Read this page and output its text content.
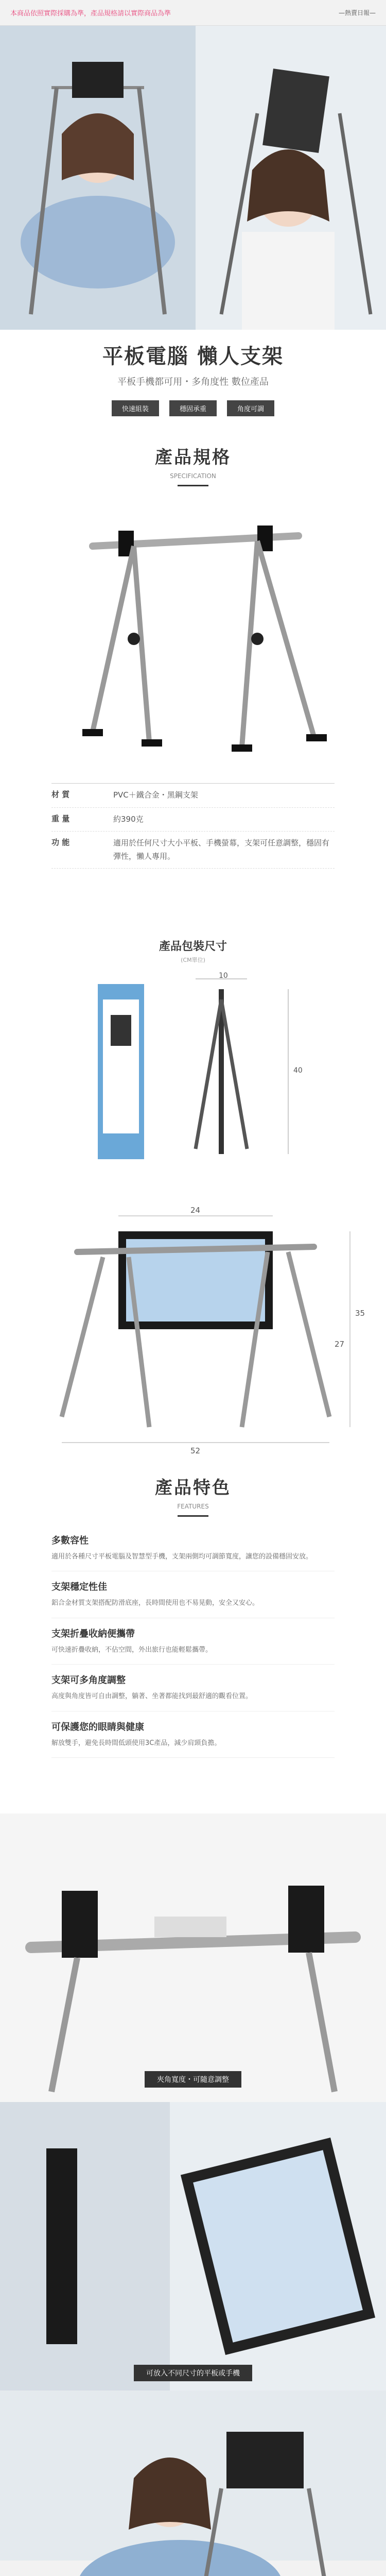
本商品依照實際採購為準，產品規格請以實際商品為準	—熱賣日報—
平板電腦 懶人支架
平板手機都可用・多角度性 數位產品
快速組裝	穩固承重	角度可調
產品規格
SPECIFICATION
材 質	PVC＋鐵合金・黑鋼支架
重 量	約390克
功 能	適用於任何尺寸大小平板、手機螢幕，支架可任意調整，穩固有彈性，懶人專用。
產品包裝尺寸
(CM單位)
10
40
24
35
27
52
產品特色
FEATURES
多數容性
適用於各種尺寸平板電腦及智慧型手機，支架兩側均可調節寬度，讓您的設備穩固安放。
支架穩定性佳
鋁合金材質支架搭配防滑底座，長時間使用也不易晃動，安全又安心。
支架折疊收納便攜帶
可快速折疊收納，不佔空間，外出旅行也能輕鬆攜帶。
支架可多角度調整
高度與角度皆可自由調整，躺著、坐著都能找到最舒適的觀看位置。
可保護您的眼睛與健康
解放雙手，避免長時間低頭使用3C產品，減少肩頸負擔。
夾角寬度・可隨意調整
可放入不同尺寸的平板或手機
